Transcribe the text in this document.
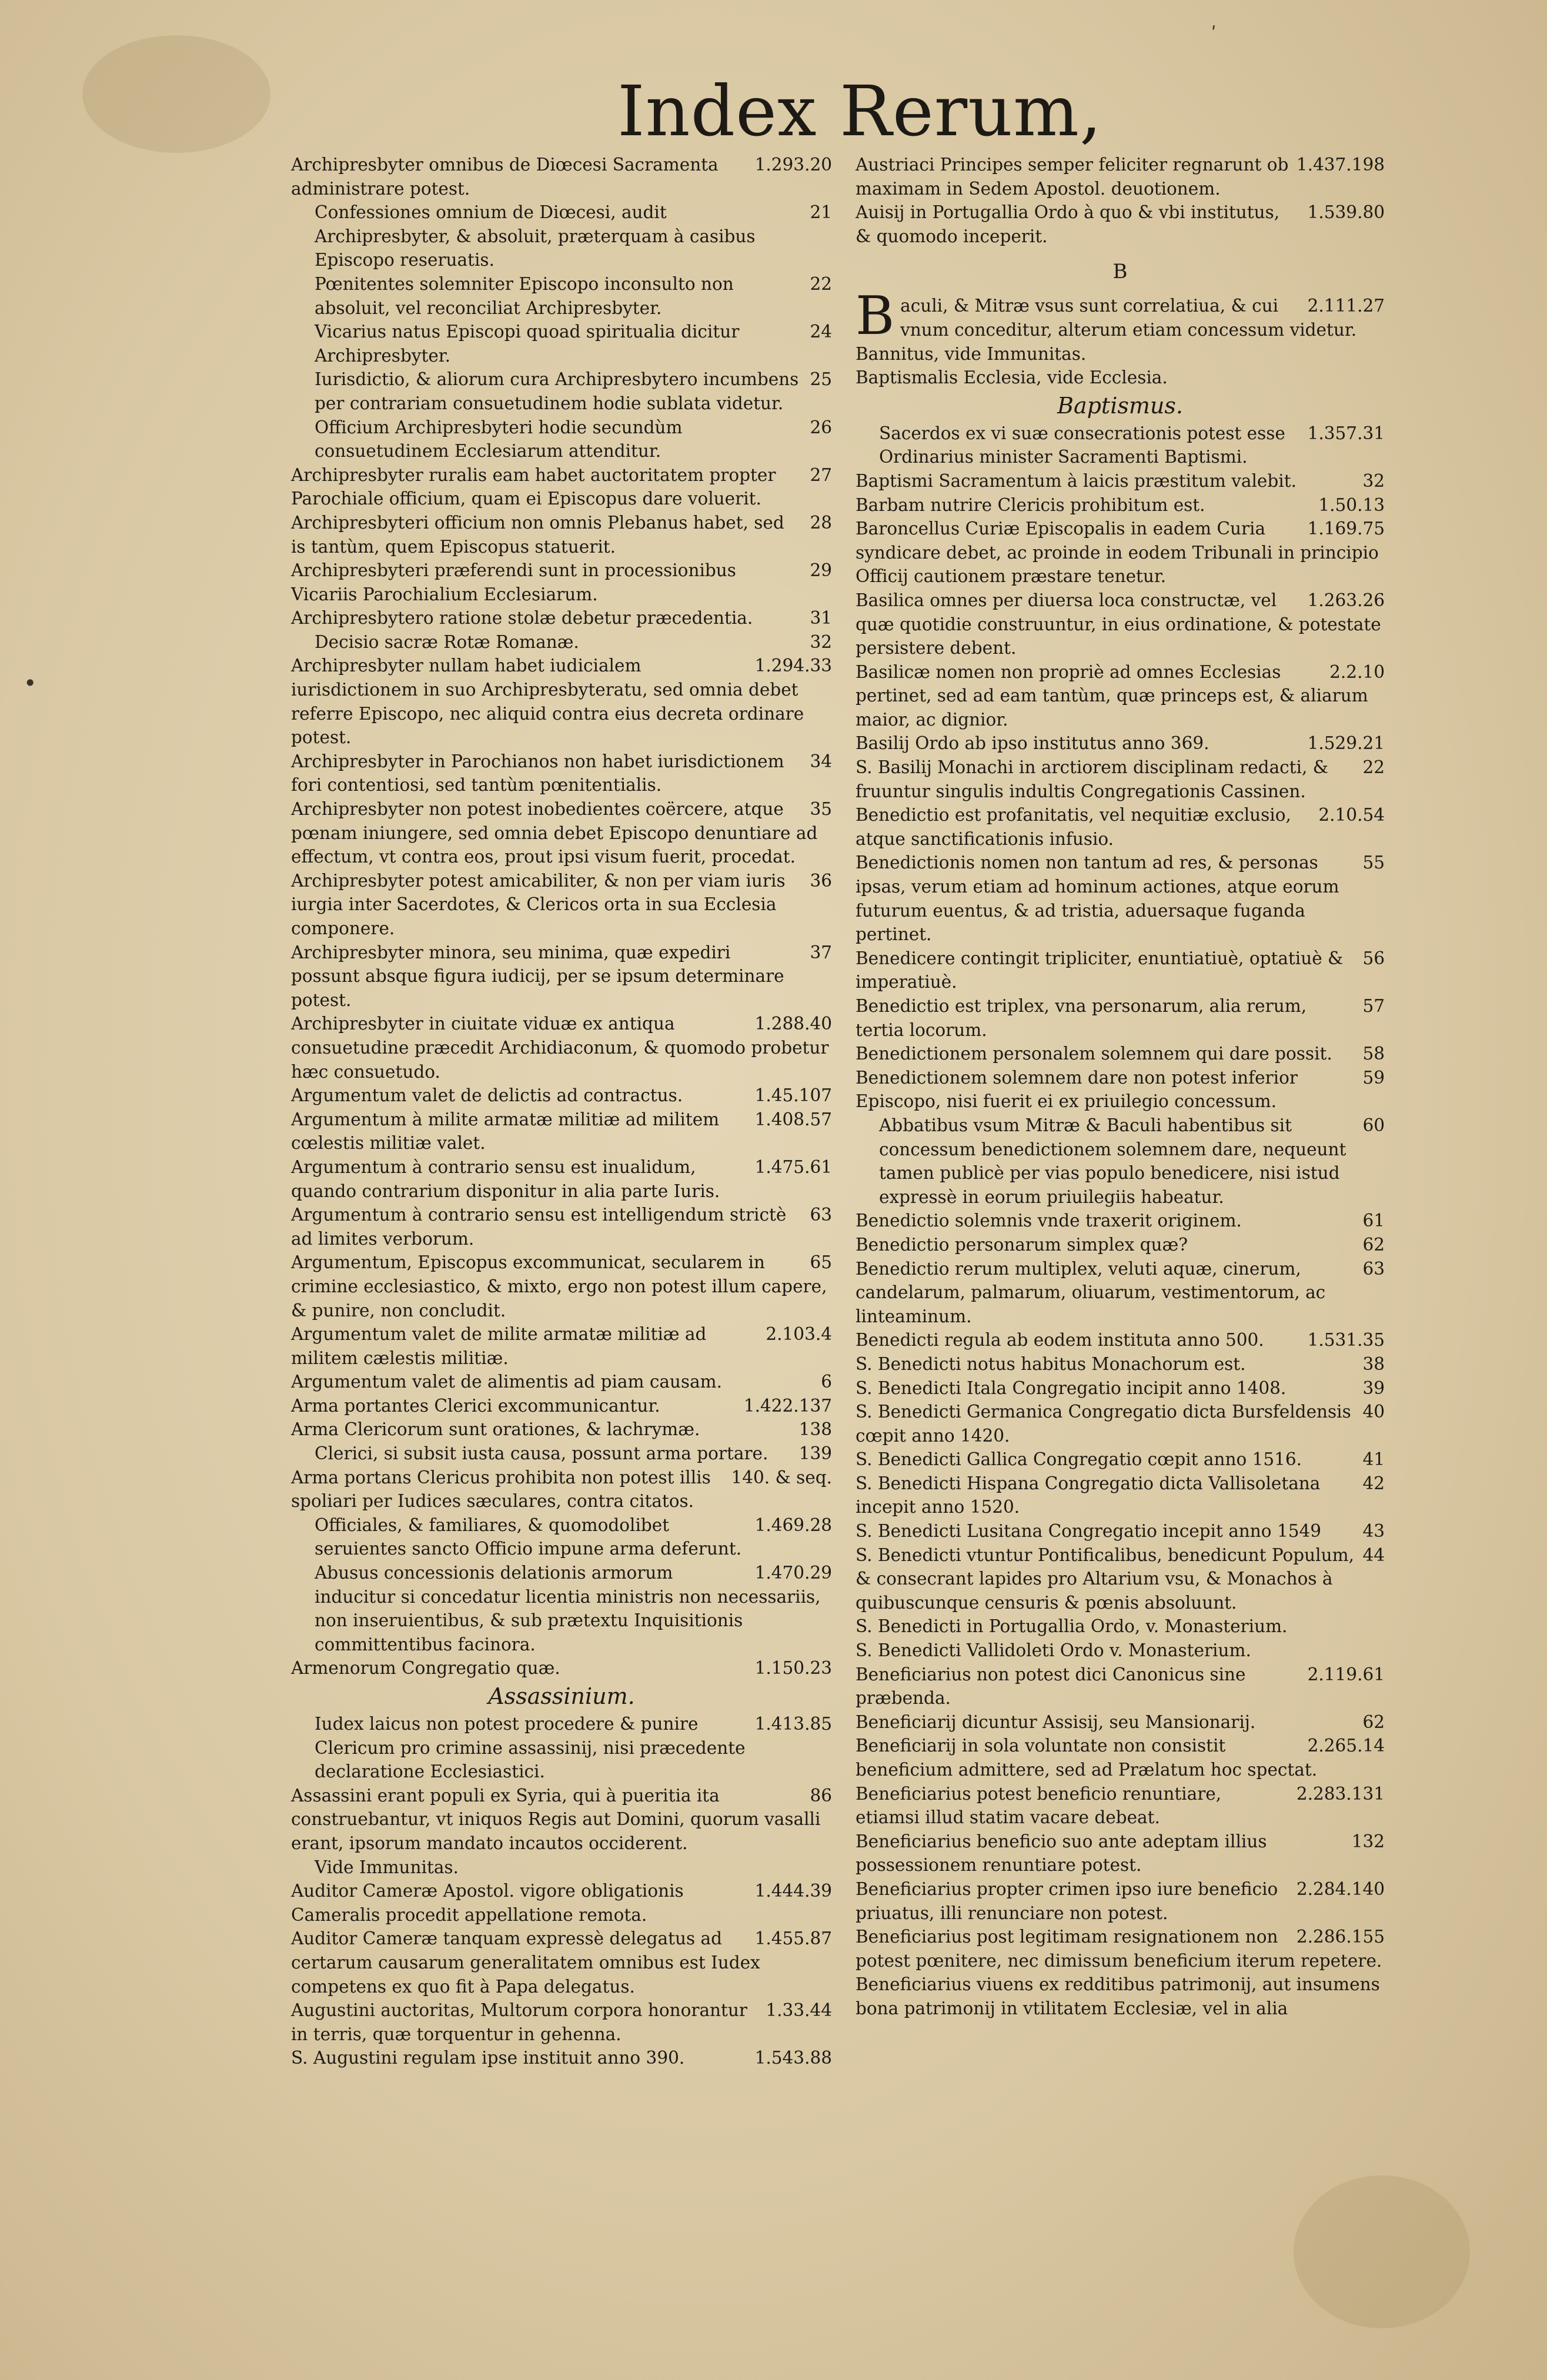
•
ʹ
Index Rerum,
1.293.20
Archipresbyter omnibus de Diœcesi Sacramenta administrare potest.
21
Confessiones omnium de Diœcesi, audit Archipresbyter, & absoluit, præterquam à casibus Episcopo reseruatis.
22
Pœnitentes solemniter Episcopo inconsulto non absoluit, vel reconciliat Archipresbyter.
24
Vicarius natus Episcopi quoad spiritualia dicitur Archipresbyter.
25
Iurisdictio, & aliorum cura Archipresbytero incumbens per contrariam consuetudinem hodie sublata videtur.
26
Officium Archipresbyteri hodie secundùm consuetudinem Ecclesiarum attenditur.
27
Archipresbyter ruralis eam habet auctoritatem propter Parochiale officium, quam ei Episcopus dare voluerit.
28
Archipresbyteri officium non omnis Plebanus habet, sed is tantùm, quem Episcopus statuerit.
29
Archipresbyteri præferendi sunt in processionibus Vicariis Parochialium Ecclesiarum.
31
Archipresbytero ratione stolæ debetur præcedentia.
32
Decisio sacræ Rotæ Romanæ.
1.294.33
Archipresbyter nullam habet iudicialem iurisdictionem in suo Archipresbyteratu, sed omnia debet referre Episcopo, nec aliquid contra eius decreta ordinare potest.
34
Archipresbyter in Parochianos non habet iurisdictionem fori contentiosi, sed tantùm pœnitentialis.
35
Archipresbyter non potest inobedientes coërcere, atque pœnam iniungere, sed omnia debet Episcopo denuntiare ad effectum, vt contra eos, prout ipsi visum fuerit, procedat.
36
Archipresbyter potest amicabiliter, & non per viam iuris iurgia inter Sacerdotes, & Clericos orta in sua Ecclesia componere.
37
Archipresbyter minora, seu minima, quæ expediri possunt absque figura iudicij, per se ipsum determinare potest.
1.288.40
Archipresbyter in ciuitate viduæ ex antiqua consuetudine præcedit Archidiaconum, & quomodo probetur hæc consuetudo.
1.45.107
Argumentum valet de delictis ad contractus.
1.408.57
Argumentum à milite armatæ militiæ ad militem cœlestis militiæ valet.
1.475.61
Argumentum à contrario sensu est inualidum, quando contrarium disponitur in alia parte Iuris.
63
Argumentum à contrario sensu est intelligendum strictè ad limites verborum.
65
Argumentum, Episcopus excommunicat, secularem in crimine ecclesiastico, & mixto, ergo non potest illum capere, & punire, non concludit.
2.103.4
Argumentum valet de milite armatæ militiæ ad militem cælestis militiæ.
6
Argumentum valet de alimentis ad piam causam.
1.422.137
Arma portantes Clerici excommunicantur.
138
Arma Clericorum sunt orationes, & lachrymæ.
139
Clerici, si subsit iusta causa, possunt arma portare.
140. & seq.
Arma portans Clericus prohibita non potest illis spoliari per Iudices sæculares, contra citatos.
1.469.28
Officiales, & familiares, & quomodolibet seruientes sancto Officio impune arma deferunt.
1.470.29
Abusus concessionis delationis armorum inducitur si concedatur licentia ministris non necessariis, non inseruientibus, & sub prætextu Inquisitionis committentibus facinora.
1.150.23
Armenorum Congregatio quæ.
Assassinium.
1.413.85
Iudex laicus non potest procedere & punire Clericum pro crimine assassinij, nisi præcedente declaratione Ecclesiastici.
86
Assassini erant populi ex Syria, qui à pueritia ita construebantur, vt iniquos Regis aut Domini, quorum vasalli erant, ipsorum mandato incautos occiderent.
Vide Immunitas.
1.444.39
Auditor Cameræ Apostol. vigore obligationis Cameralis procedit appellatione remota.
1.455.87
Auditor Cameræ tanquam expressè delegatus ad certarum causarum generalitatem omnibus est Iudex competens ex quo fit à Papa delegatus.
1.33.44
Augustini auctoritas, Multorum corpora honorantur in terris, quæ torquentur in gehenna.
1.543.88
S. Augustini regulam ipse instituit anno 390.
1.437.198
Austriaci Principes semper feliciter regnarunt ob maximam in Sedem Apostol. deuotionem.
1.539.80
Auisij in Portugallia Ordo à quo & vbi institutus, & quomodo inceperit.
B
2.111.27
Baculi, & Mitræ vsus sunt correlatiua, & cui vnum conceditur, alterum etiam concessum videtur.
Bannitus, vide Immunitas.
Baptismalis Ecclesia, vide Ecclesia.
Baptismus.
1.357.31
Sacerdos ex vi suæ consecrationis potest esse Ordinarius minister Sacramenti Baptismi.
32
Baptismi Sacramentum à laicis præstitum valebit.
1.50.13
Barbam nutrire Clericis prohibitum est.
1.169.75
Baroncellus Curiæ Episcopalis in eadem Curia syndicare debet, ac proinde in eodem Tribunali in principio Officij cautionem præstare tenetur.
1.263.26
Basilica omnes per diuersa loca constructæ, vel quæ quotidie construuntur, in eius ordinatione, & potestate persistere debent.
2.2.10
Basilicæ nomen non propriè ad omnes Ecclesias pertinet, sed ad eam tantùm, quæ princeps est, & aliarum maior, ac dignior.
1.529.21
Basilij Ordo ab ipso institutus anno 369.
22
S. Basilij Monachi in arctiorem disciplinam redacti, & fruuntur singulis indultis Congregationis Cassinen.
2.10.54
Benedictio est profanitatis, vel nequitiæ exclusio, atque sanctificationis infusio.
55
Benedictionis nomen non tantum ad res, & personas ipsas, verum etiam ad hominum actiones, atque eorum futurum euentus, & ad tristia, aduersaque fuganda pertinet.
56
Benedicere contingit tripliciter, enuntiatiuè, optatiuè & imperatiuè.
57
Benedictio est triplex, vna personarum, alia rerum, tertia locorum.
58
Benedictionem personalem solemnem qui dare possit.
59
Benedictionem solemnem dare non potest inferior Episcopo, nisi fuerit ei ex priuilegio concessum.
60
Abbatibus vsum Mitræ & Baculi habentibus sit concessum benedictionem solemnem dare, nequeunt tamen publicè per vias populo benedicere, nisi istud expressè in eorum priuilegiis habeatur.
61
Benedictio solemnis vnde traxerit originem.
62
Benedictio personarum simplex quæ?
63
Benedictio rerum multiplex, veluti aquæ, cinerum, candelarum, palmarum, oliuarum, vestimentorum, ac linteaminum.
1.531.35
Benedicti regula ab eodem instituta anno 500.
38
S. Benedicti notus habitus Monachorum est.
39
S. Benedicti Itala Congregatio incipit anno 1408.
40
S. Benedicti Germanica Congregatio dicta Bursfeldensis cœpit anno 1420.
41
S. Benedicti Gallica Congregatio cœpit anno 1516.
42
S. Benedicti Hispana Congregatio dicta Vallisoletana incepit anno 1520.
43
S. Benedicti Lusitana Congregatio incepit anno 1549
44
S. Benedicti vtuntur Pontificalibus, benedicunt Populum, & consecrant lapides pro Altarium vsu, & Monachos à quibuscunque censuris & pœnis absoluunt.
S. Benedicti in Portugallia Ordo, v. Monasterium.
S. Benedicti Vallidoleti Ordo v. Monasterium.
2.119.61
Beneficiarius non potest dici Canonicus sine præbenda.
62
Beneficiarij dicuntur Assisij, seu Mansionarij.
2.265.14
Beneficiarij in sola voluntate non consistit beneficium admittere, sed ad Prælatum hoc spectat.
2.283.131
Beneficiarius potest beneficio renuntiare, etiamsi illud statim vacare debeat.
132
Beneficiarius beneficio suo ante adeptam illius possessionem renuntiare potest.
2.284.140
Beneficiarius propter crimen ipso iure beneficio priuatus, illi renunciare non potest.
2.286.155
Beneficiarius post legitimam resignationem non potest pœnitere, nec dimissum beneficium iterum repetere.
Beneficiarius viuens ex redditibus patrimonij, aut insumens bona patrimonij in vtilitatem Ecclesiæ, vel in alia
